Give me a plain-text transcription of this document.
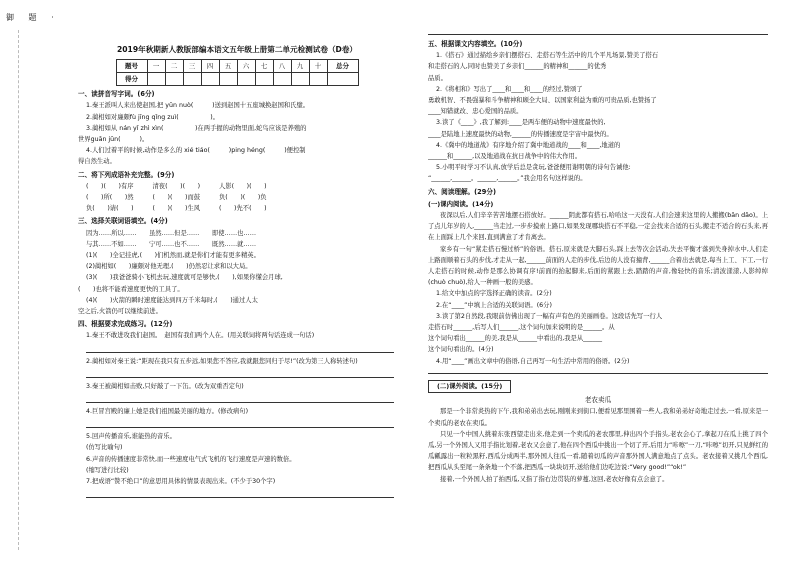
御 题 ·
2019年秋期新人教版部编本语文五年级上册第二单元检测试卷（D卷）
题号	一	二	三	四	五	六	七	八	九	十	总分
得分											
一、读拼音写字词。(6分)
1.秦王派叫人来出使赵国,把 yūn nuò(　　　)送到赵国十五座城换赵国和氏璧。
2.蔺相如对廉颇fù jīng qǐng zuì(　　　　　)。
3.蔺相如从 nán yǐ zhì xìn(　　　　　)在两手握的动物里面,蛇鸟应该是养殖的
世界guān jūn(　　　)。
4.人们过着平的时候,动作是多么的 xié tiáo(　　　)ping héng(　　　)便控制
得自然生动。
二、将下列成语补充完整。(9分)
(　　)(　　)有序　　　清夜(　　)(　　)　　　人影(　　)(　　)
(　　)所(　　)然　　　(　　)(　　)而鼓　　　负(　　)(　　)负
负(　　)请(　　)　　　(　　)(　　)生风　　　(　　)先不(　　)
三、选择关联词语填空。(4分)
因为……所以……　　虽然……但是……　　即使……也……
与其……不如……　　宁可……也不……　　既然……就……
(1)(　　)全记挂虎,(　　)们机然而,就是你们才能有更多精英。
(2)蔺相如(　　)廉颇对他无理,(　　)仍然忍让求和以大局。
(3)(　　)我爸爸骑小飞机去玩,速度就可是够快,(　　),如果你懂会月球,
(　　)也将不能看速度更快的工具了。
(4)(　　)火箭的瞬时速度能达到四万千米每时,(　　)通过人太
空之后,火箭仍可以继续前进。
四、根据要求完成练习。(12分)
1.秦王不敢进攻我们赵国。　赵国有我们两个人在。(用关联词将两句话连成一句话)
2.蔺相如对秦王说:“距现在我只有五步远,如果您不答应,我就跟您同归于尽!”(改为第三人称转述句)
3.秦王被蔺相如击败,只好敲了一下缶。(改为双重否定句)
4.巨冒宫殿的廉上她是我们祖国最美丽的地方。(修改病句)
5.回声传播音乐,谁能热的音乐。
(仿写比喻句)
6.声音的传播速度非常快,而一些速度电气式飞机的飞行速度是声速的数倍。
(缩写进行比较)
7.把成语“赞不绝口”的意思用具体的情景表现出来。(不少于30个字)
五、根据课文内容填空。(10分)
1.《搭石》通过描绘乡亲们摆搭石、走搭石等生活中的几个平凡场景,赞美了搭石
和走搭石的人,同时也赞美了乡亲们______的精神和______的优秀
品质。
2.《将相和》写出了____和____和____的经过,赞颂了
勇敢机智、不畏强暴和斗争精神和顾全大局、以国家利益为重的可贵品质,也赞扬了
____知错就改、忠心爱国的品质。
3.读了《____》,我了解到:____是两车便的动物中速度最快的,
____是陆地上速度最快的动物,______的传播速度是宇宙中最快的。
4.《冀中的地道战》有序地介绍了冀中地道战的____和____,地道的
______和______,以及地道战在抗日战争中的伟大作用。
5.小明平时学习不认真,放学后总是贪玩,爸爸便用谢明朝的诗句告诫他:
“______,______。______,______。”我会用名句这样说的。
六、阅读理解。(29分)
(一)课内阅读。(14分)
夜深以后,人们辛辛苦苦地摆石搭放好。______阴此都有搭石,哈哈这一天没有,人们会速来这里的人搬搬(bān dāo)。上了点儿年岁的人,______当走过,一步步摸索上路口,如果发现哪块搭石不平稳,一定会找来合适的石头,搬走不适合的石头来,再在上面踩上几个来回,直到满意了才肯离去。
家乡有一句“紧走搭石慢过桥”的俗语。搭石,原来就是大脚石头,踩上去等次会活动,失去平衡才落到失身掉水中,人们走上路面顺着石头的步伐,才走从一起,______前面的人走的步伐,后边的人没有撞背,______合着出去就是,每当上工、下工,一行人走搭石的时候,动作是那么协调有序!前面的抬起脚来,后面的紧跟上去,踏踏的声音,像轻快的音乐;清波漾漾,人影绰绰(chuò chuò),给人一种画一般的美感。
1.给文中加点的字选择正确的读音。(2分)
2.在“____”中填上合适的关联词语。(6分)
3.读了第2自然段,我眼前仿佛出现了一幅有声有色的美丽画卷。这段话先写一行人
走搭石时______,后写人们______,这个词句加来说明的是______。从
这个词句看出______的美,我是从______中看出的,我是从______
这个词句看出的。(4分)
4.用“____”画出文章中的俗语,自己再写一句生活中常用的俗语。(2分)
(二)课外阅读。(15分)
老农卖瓜
那是一个非常炎热的下午,我和弟弟出去玩,刚刚来到街口,便看见那里围着一些人,我和弟弟好奇地走过去,一看,原来是一个卖瓜的老农在卖瓜。
只见一个中国人挑着东张西望走出来,他走到一个卖瓜的老农那里,伸出四个手指头,老农会心了,拿起刀在瓜上挑了四个瓜,另一个外国人又用手指比划着,老农又会意了,他在四个西瓜中挑出一个切了开,后用力“咔嚓”一刀,“咔嚓”切开,只见鲜红的瓜瓤露出一粒粒黑籽,西瓜分成两半,那外国人往瓜一看,随着切瓜的声音那外国人满意地点了点头。老农接着又挑几个西瓜,把西瓜从头至尾一条条地一个不落,把西瓜一块块切开,送给他们边吃边说:“Very good!”“ok!”
接着,一个外国人拍了拍西瓜,又指了指右边贯装的萝蔓,这回,老农好像有点会意了。
